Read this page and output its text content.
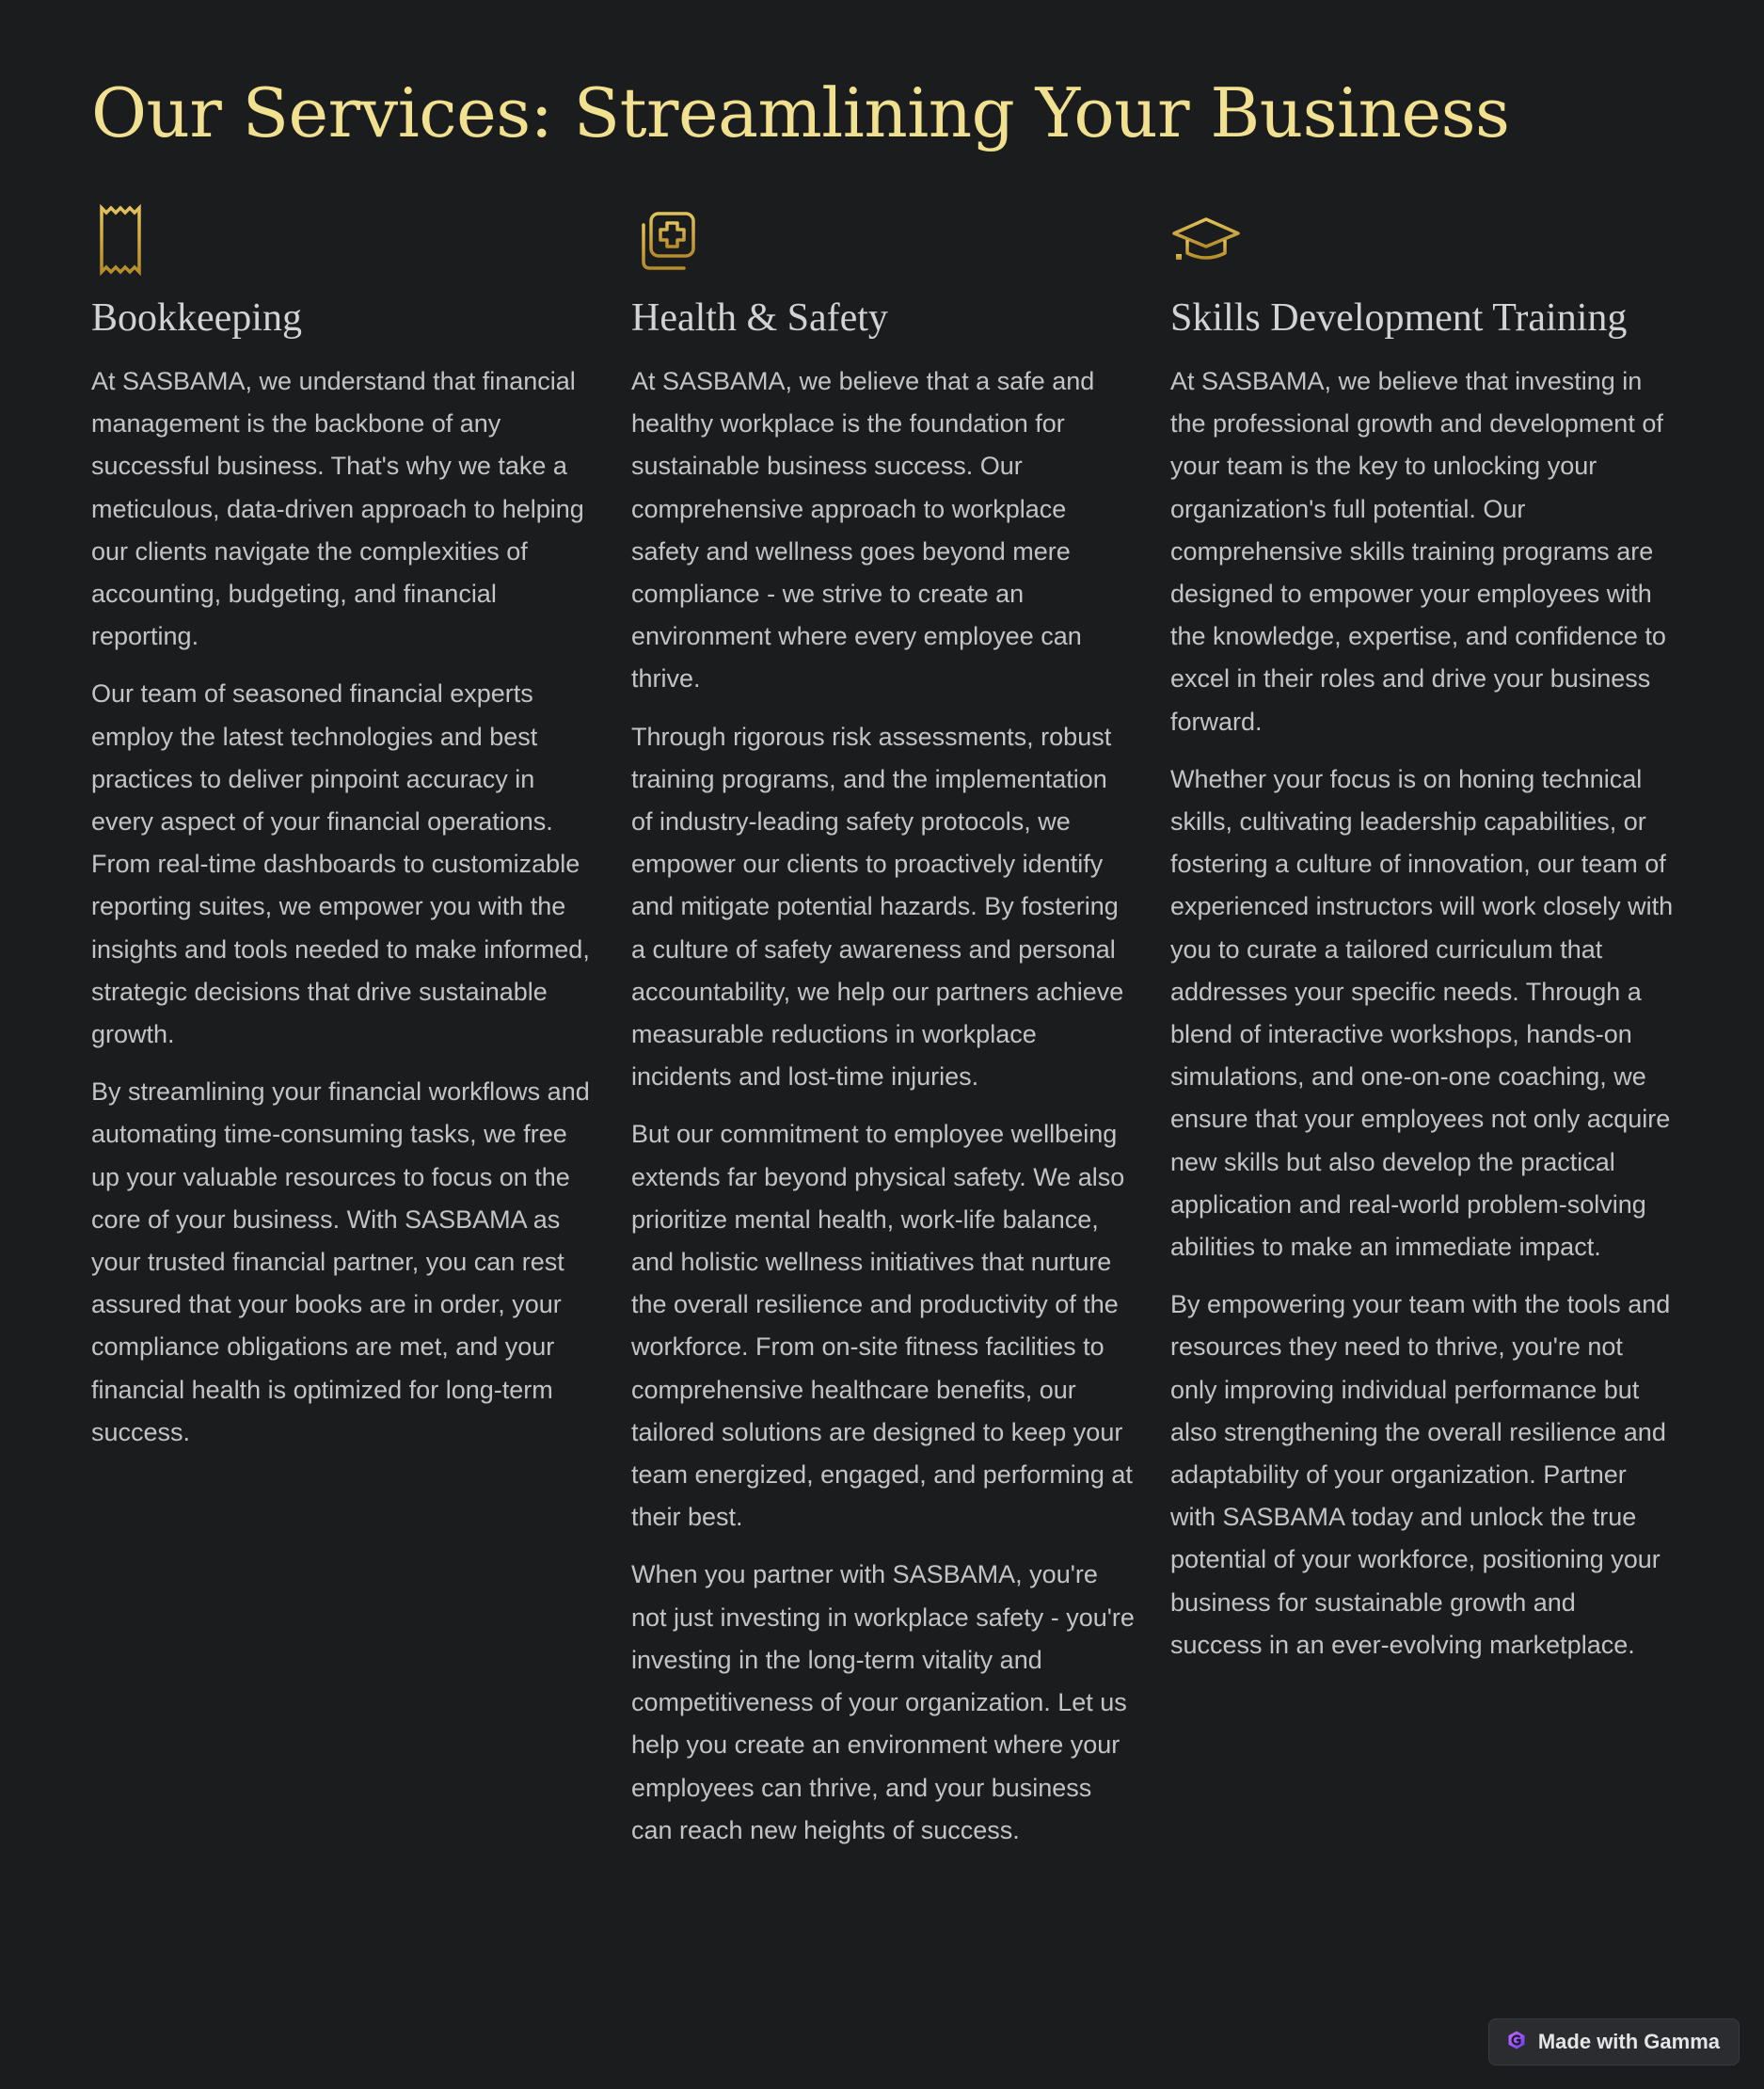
Our Services: Streamlining Your Business
Bookkeeping

At SASBAMA, we understand that financial management is the backbone of any successful business. That's why we take a meticulous, data-driven approach to helping our clients navigate the complexities of accounting, budgeting, and financial reporting.

Our team of seasoned financial experts employ the latest technologies and best practices to deliver pinpoint accuracy in every aspect of your financial operations. From real-time dashboards to customizable reporting suites, we empower you with the insights and tools needed to make informed, strategic decisions that drive sustainable growth.

By streamlining your financial workflows and automating time-consuming tasks, we free up your valuable resources to focus on the core of your business. With SASBAMA as your trusted financial partner, you can rest assured that your books are in order, your compliance obligations are met, and your financial health is optimized for long-term success.

Health & Safety

At SASBAMA, we believe that a safe and healthy workplace is the foundation for sustainable business success. Our comprehensive approach to workplace safety and wellness goes beyond mere compliance - we strive to create an environment where every employee can thrive.

Through rigorous risk assessments, robust training programs, and the implementation of industry-leading safety protocols, we empower our clients to proactively identify and mitigate potential hazards. By fostering a culture of safety awareness and personal accountability, we help our partners achieve measurable reductions in workplace incidents and lost-time injuries.

But our commitment to employee wellbeing extends far beyond physical safety. We also prioritize mental health, work-life balance, and holistic wellness initiatives that nurture the overall resilience and productivity of the workforce. From on-site fitness facilities to comprehensive healthcare benefits, our tailored solutions are designed to keep your team energized, engaged, and performing at their best.

When you partner with SASBAMA, you're not just investing in workplace safety - you're investing in the long-term vitality and competitiveness of your organization. Let us help you create an environment where your employees can thrive, and your business can reach new heights of success.

Skills Development Training

At SASBAMA, we believe that investing in the professional growth and development of your team is the key to unlocking your organization's full potential. Our comprehensive skills training programs are designed to empower your employees with the knowledge, expertise, and confidence to excel in their roles and drive your business forward.

Whether your focus is on honing technical skills, cultivating leadership capabilities, or fostering a culture of innovation, our team of experienced instructors will work closely with you to curate a tailored curriculum that addresses your specific needs. Through a blend of interactive workshops, hands-on simulations, and one-on-one coaching, we ensure that your employees not only acquire new skills but also develop the practical application and real-world problem-solving abilities to make an immediate impact.

By empowering your team with the tools and resources they need to thrive, you're not only improving individual performance but also strengthening the overall resilience and adaptability of your organization. Partner with SASBAMA today and unlock the true potential of your workforce, positioning your business for sustainable growth and success in an ever-evolving marketplace.

Made with Gamma
